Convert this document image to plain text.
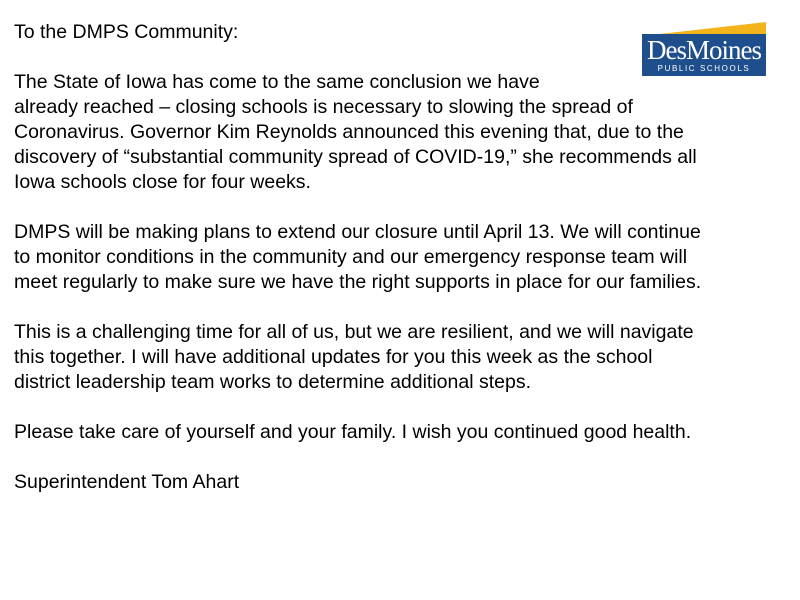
DesMoines
PUBLIC SCHOOLS
To the DMPS Community:
The State of Iowa has come to the same conclusion we have
already reached – closing schools is necessary to slowing the spread of
Coronavirus. Governor Kim Reynolds announced this evening that, due to the
discovery of “substantial community spread of COVID-19,” she recommends all
Iowa schools close for four weeks.
DMPS will be making plans to extend our closure until April 13. We will continue
to monitor conditions in the community and our emergency response team will
meet regularly to make sure we have the right supports in place for our families.
This is a challenging time for all of us, but we are resilient, and we will navigate
this together. I will have additional updates for you this week as the school
district leadership team works to determine additional steps.
Please take care of yourself and your family. I wish you continued good health.
Superintendent Tom Ahart
